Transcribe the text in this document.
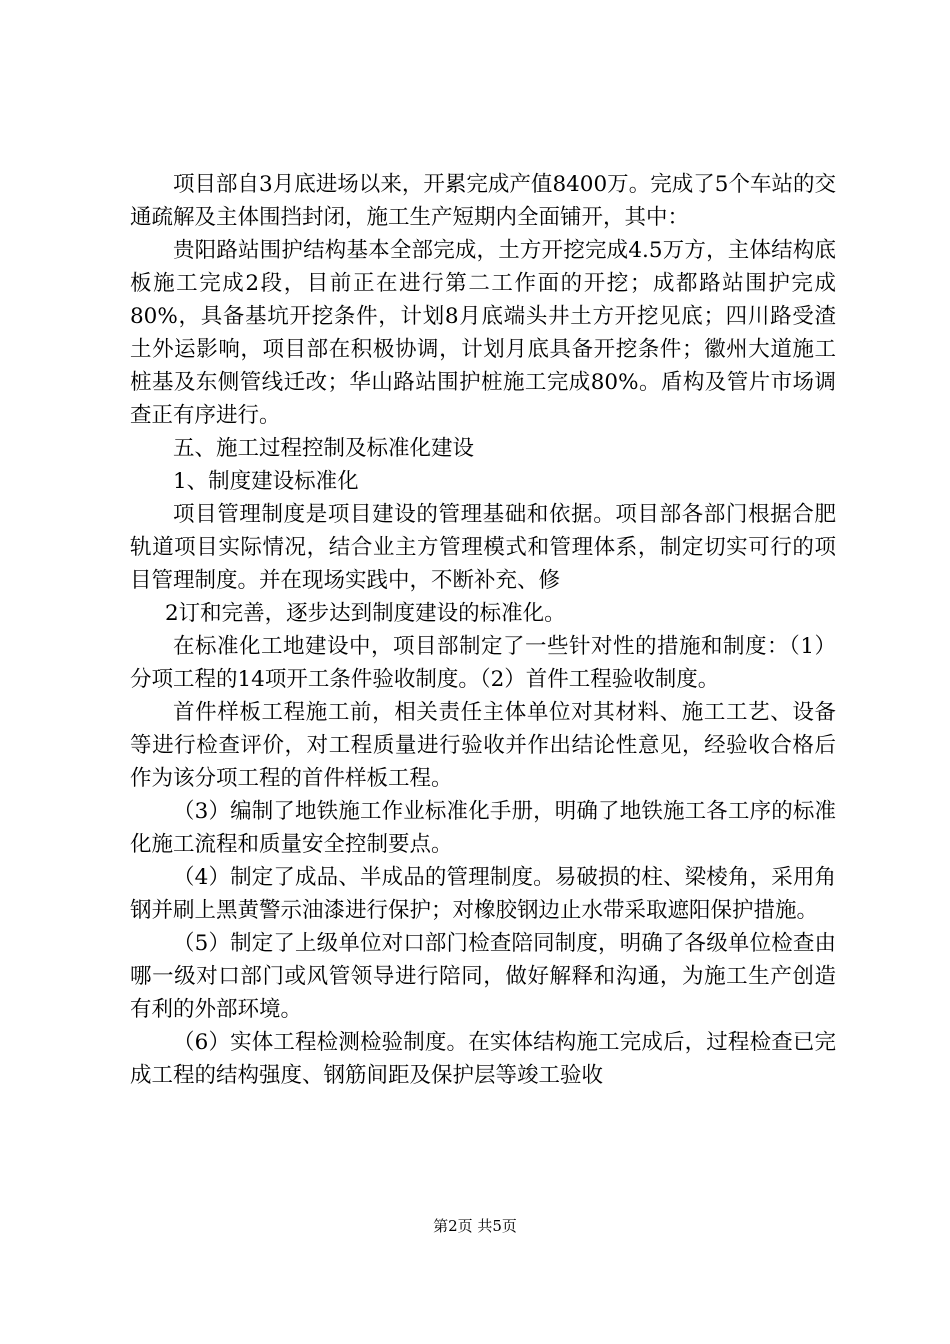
项目部自3月底进场以来，开累完成产值8400万。完成了5个车站的交通疏解及主体围挡封闭，施工生产短期内全面铺开，其中：

贵阳路站围护结构基本全部完成，土方开挖完成4.5万方，主体结构底板施工完成2段，目前正在进行第二工作面的开挖；成都路站围护完成80%，具备基坑开挖条件，计划8月底端头井土方开挖见底；四川路受渣土外运影响，项目部在积极协调，计划月底具备开挖条件；徽州大道施工桩基及东侧管线迁改；华山路站围护桩施工完成80%。盾构及管片市场调查正有序进行。

五、施工过程控制及标准化建设

1、制度建设标准化

项目管理制度是项目建设的管理基础和依据。项目部各部门根据合肥轨道项目实际情况，结合业主方管理模式和管理体系，制定切实可行的项目管理制度。并在现场实践中，不断补充、修

2订和完善，逐步达到制度建设的标准化。

在标准化工地建设中，项目部制定了一些针对性的措施和制度：（1）分项工程的14项开工条件验收制度。（2）首件工程验收制度。

首件样板工程施工前，相关责任主体单位对其材料、施工工艺、设备等进行检查评价，对工程质量进行验收并作出结论性意见，经验收合格后作为该分项工程的首件样板工程。

（3）编制了地铁施工作业标准化手册，明确了地铁施工各工序的标准化施工流程和质量安全控制要点。

（4）制定了成品、半成品的管理制度。易破损的柱、梁棱角，采用角钢并刷上黑黄警示油漆进行保护；对橡胶钢边止水带采取遮阳保护措施。

（5）制定了上级单位对口部门检查陪同制度，明确了各级单位检查由哪一级对口部门或风管领导进行陪同，做好解释和沟通，为施工生产创造有利的外部环境。

（6）实体工程检测检验制度。在实体结构施工完成后，过程检查已完成工程的结构强度、钢筋间距及保护层等竣工验收

第2页 共5页
